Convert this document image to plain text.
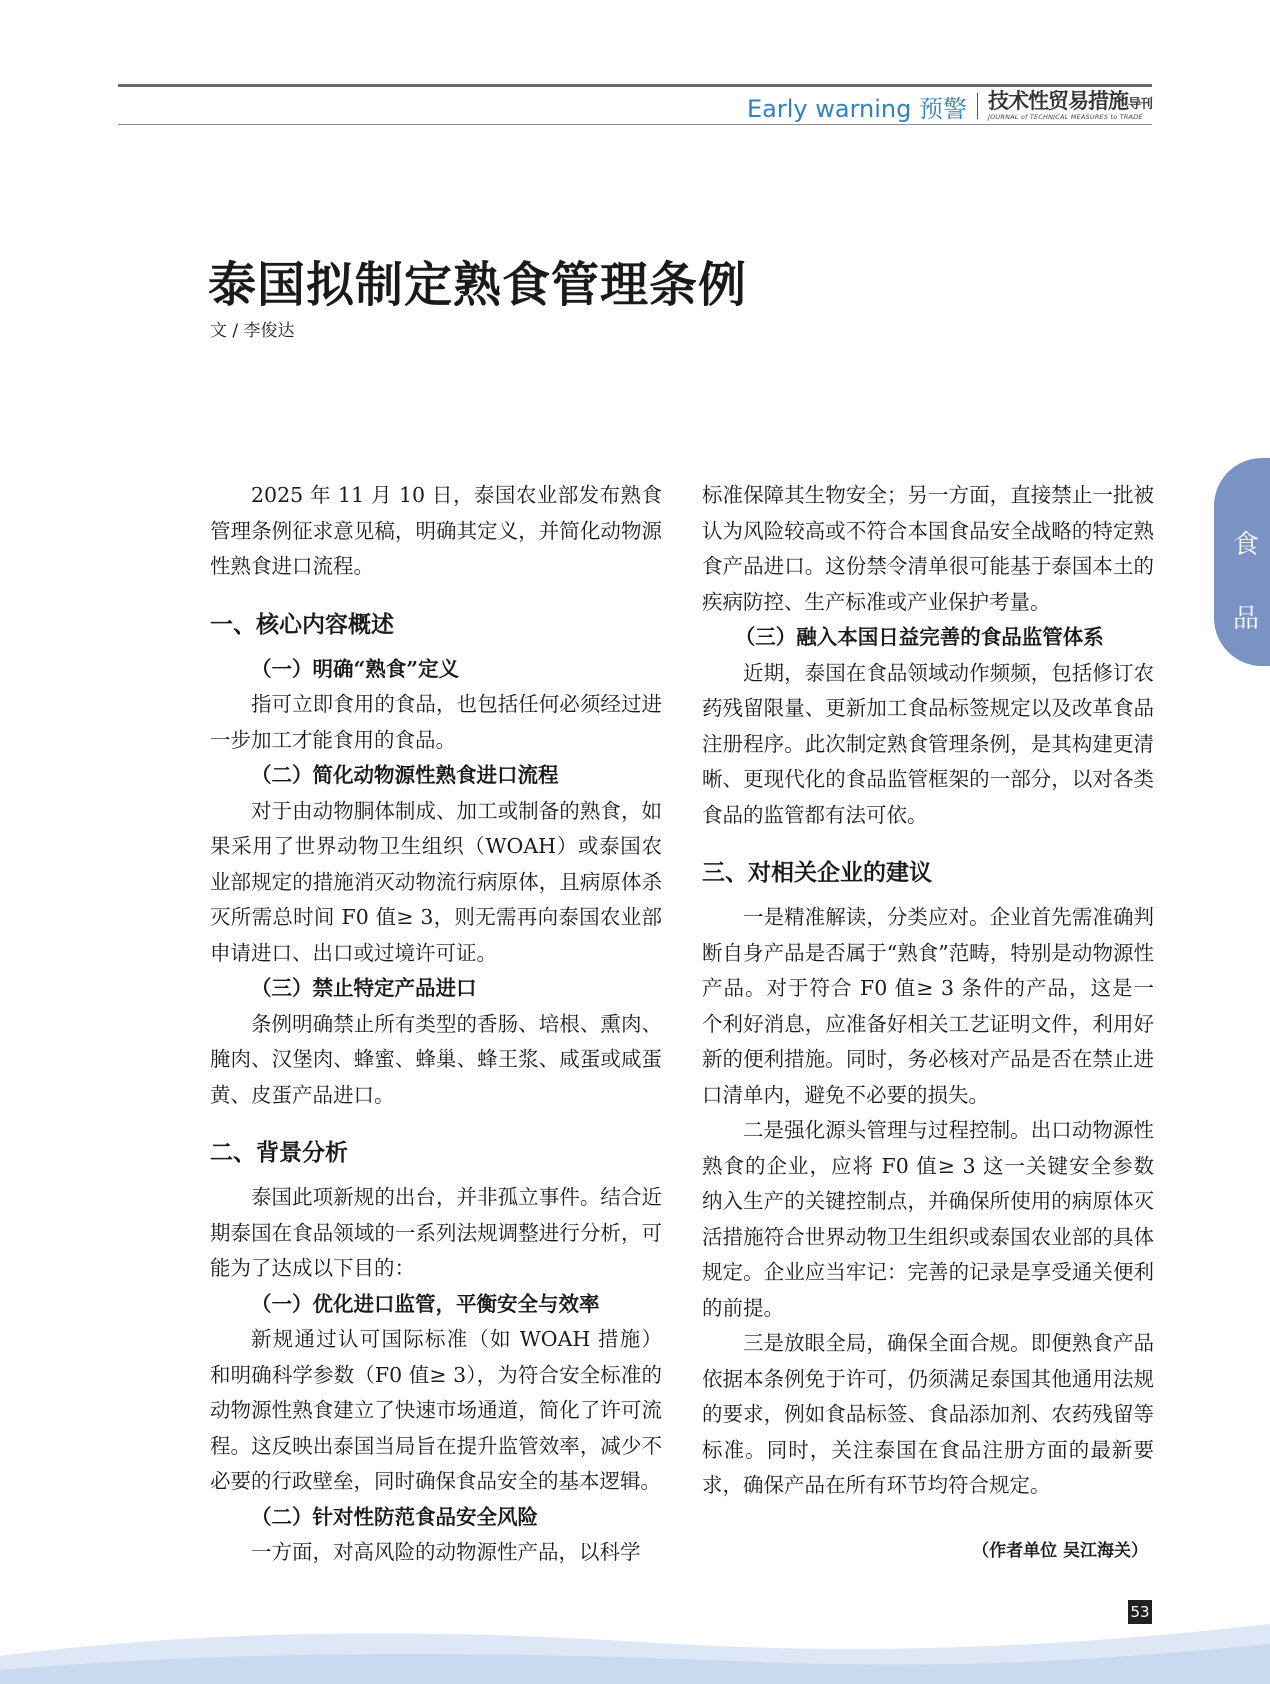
Early warning 预警 技术性贸易措施导刊
JOURNAL of TECHNICAL MEASURES to TRADE
泰国拟制定熟食管理条例
文 / 李俊达
食
品

2025 年 11 月 10 日，泰国农业部发布熟食管理条例征求意见稿，明确其定义，并简化动物源性熟食进口流程。

一、核心内容概述
（一）明确“熟食”定义

指可立即食用的食品，也包括任何必须经过进一步加工才能食用的食品。

（二）简化动物源性熟食进口流程

对于由动物胴体制成、加工或制备的熟食，如果采用了世界动物卫生组织（WOAH）或泰国农业部规定的措施消灭动物流行病原体，且病原体杀灭所需总时间 F0 值≥ 3，则无需再向泰国农业部申请进口、出口或过境许可证。

（三）禁止特定产品进口

条例明确禁止所有类型的香肠、培根、熏肉、腌肉、汉堡肉、蜂蜜、蜂巢、蜂王浆、咸蛋或咸蛋黄、皮蛋产品进口。

二、背景分析

泰国此项新规的出台，并非孤立事件。结合近期泰国在食品领域的一系列法规调整进行分析，可能为了达成以下目的：

（一）优化进口监管，平衡安全与效率

新规通过认可国际标准（如 WOAH 措施）和明确科学参数（F0 值≥ 3），为符合安全标准的动物源性熟食建立了快速市场通道，简化了许可流程。这反映出泰国当局旨在提升监管效率，减少不必要的行政壁垒，同时确保食品安全的基本逻辑。

（二）针对性防范食品安全风险

一方面，对高风险的动物源性产品，以科学

标准保障其生物安全；另一方面，直接禁止一批被认为风险较高或不符合本国食品安全战略的特定熟食产品进口。这份禁令清单很可能基于泰国本土的疾病防控、生产标准或产业保护考量。

（三）融入本国日益完善的食品监管体系

近期，泰国在食品领域动作频频，包括修订农药残留限量、更新加工食品标签规定以及改革食品注册程序。此次制定熟食管理条例，是其构建更清晰、更现代化的食品监管框架的一部分，以对各类食品的监管都有法可依。

三、对相关企业的建议

一是精准解读，分类应对。企业首先需准确判断自身产品是否属于“熟食”范畴，特别是动物源性产品。对于符合 F0 值≥ 3 条件的产品，这是一个利好消息，应准备好相关工艺证明文件，利用好新的便利措施。同时，务必核对产品是否在禁止进口清单内，避免不必要的损失。

二是强化源头管理与过程控制。出口动物源性熟食的企业，应将 F0 值≥ 3 这一关键安全参数纳入生产的关键控制点，并确保所使用的病原体灭活措施符合世界动物卫生组织或泰国农业部的具体规定。企业应当牢记：完善的记录是享受通关便利的前提。

三是放眼全局，确保全面合规。即便熟食产品依据本条例免于许可，仍须满足泰国其他通用法规的要求，例如食品标签、食品添加剂、农药残留等标准。同时，关注泰国在食品注册方面的最新要求，确保产品在所有环节均符合规定。

（作者单位 吴江海关）
53
